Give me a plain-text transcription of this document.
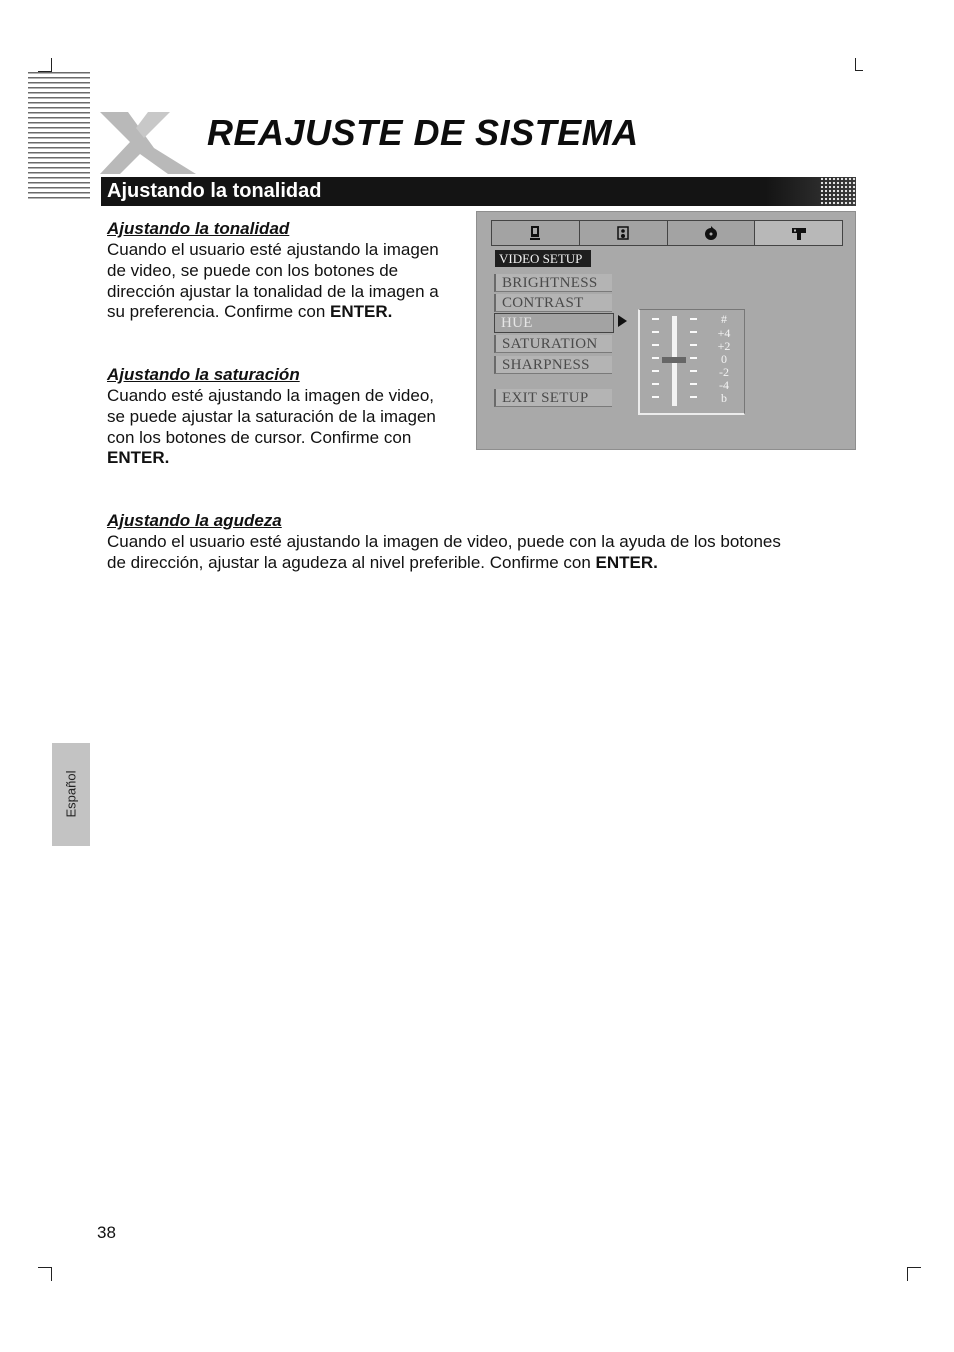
REAJUSTE DE SISTEMA
Ajustando la tonalidad
Ajustando la tonalidad
Cuando el usuario esté ajustando la imagen
de video, se puede con los botones de
dirección ajustar la tonalidad de la imagen a
su preferencia. Confirme con ENTER.
Ajustando la saturación
Cuando esté ajustando la imagen de video,
se puede ajustar la saturación de la imagen
con los botones de cursor. Confirme con
ENTER.
Ajustando la agudeza
Cuando el usuario esté ajustando la imagen de video, puede con la ayuda de los botones
de dirección, ajustar la agudeza al nivel preferible. Confirme con ENTER.
VIDEO SETUP
BRIGHTNESS
CONTRAST
HUE
SATURATION
SHARPNESS
EXIT SETUP
#
+4
+2
0
-2
-4
b
Español
38
